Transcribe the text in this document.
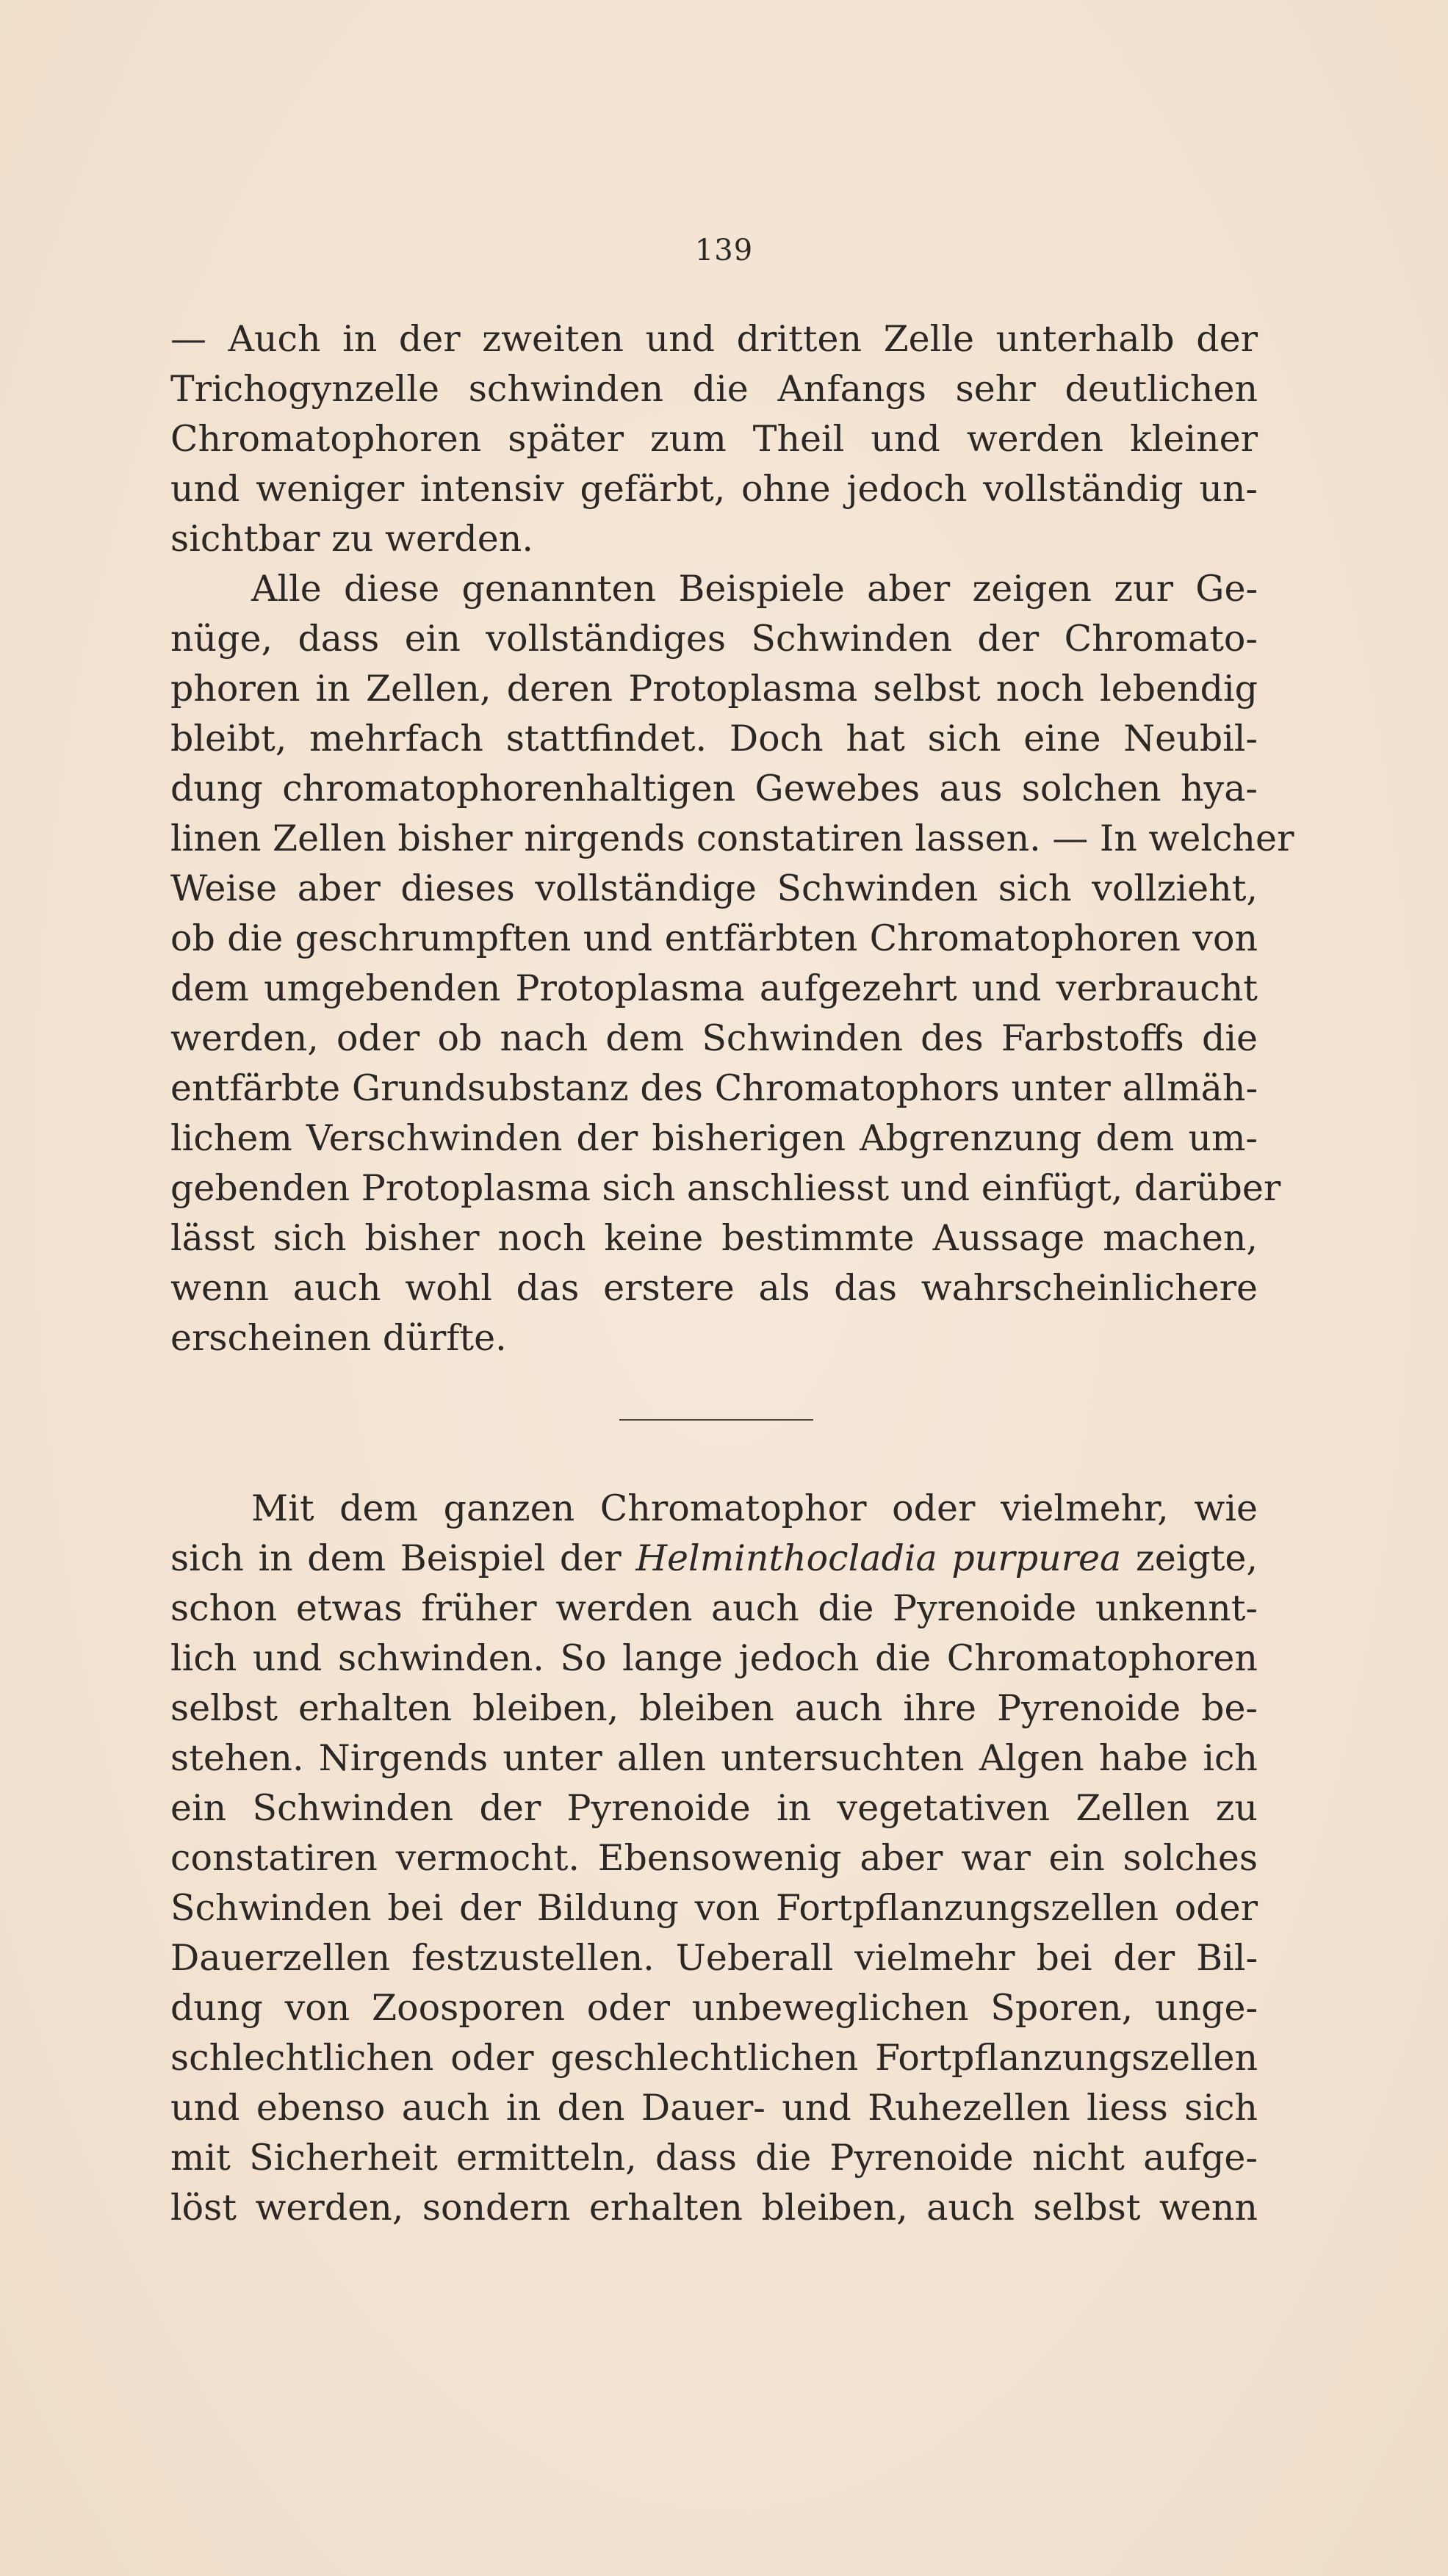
139
— Auch in der zweiten und dritten Zelle unterhalb der
Trichogynzelle schwinden die Anfangs sehr deutlichen
Chromatophoren später zum Theil und werden kleiner
und weniger intensiv gefärbt, ohne jedoch vollständig un-
sichtbar zu werden.
Alle diese genannten Beispiele aber zeigen zur Ge-
nüge, dass ein vollständiges Schwinden der Chromato-
phoren in Zellen, deren Protoplasma selbst noch lebendig
bleibt, mehrfach stattfindet. Doch hat sich eine Neubil-
dung chromatophorenhaltigen Gewebes aus solchen hya-
linen Zellen bisher nirgends constatiren lassen. — In welcher
Weise aber dieses vollständige Schwinden sich vollzieht,
ob die geschrumpften und entfärbten Chromatophoren von
dem umgebenden Protoplasma aufgezehrt und verbraucht
werden, oder ob nach dem Schwinden des Farbstoffs die
entfärbte Grundsubstanz des Chromatophors unter allmäh-
lichem Verschwinden der bisherigen Abgrenzung dem um-
gebenden Protoplasma sich anschliesst und einfügt, darüber
lässt sich bisher noch keine bestimmte Aussage machen,
wenn auch wohl das erstere als das wahrscheinlichere
erscheinen dürfte.
Mit dem ganzen Chromatophor oder vielmehr, wie
sich in dem Beispiel der Helminthocladia purpurea zeigte,
schon etwas früher werden auch die Pyrenoide unkennt-
lich und schwinden. So lange jedoch die Chromatophoren
selbst erhalten bleiben, bleiben auch ihre Pyrenoide be-
stehen. Nirgends unter allen untersuchten Algen habe ich
ein Schwinden der Pyrenoide in vegetativen Zellen zu
constatiren vermocht. Ebensowenig aber war ein solches
Schwinden bei der Bildung von Fortpflanzungszellen oder
Dauerzellen festzustellen. Ueberall vielmehr bei der Bil-
dung von Zoosporen oder unbeweglichen Sporen, unge-
schlechtlichen oder geschlechtlichen Fortpflanzungszellen
und ebenso auch in den Dauer- und Ruhezellen liess sich
mit Sicherheit ermitteln, dass die Pyrenoide nicht aufge-
löst werden, sondern erhalten bleiben, auch selbst wenn
